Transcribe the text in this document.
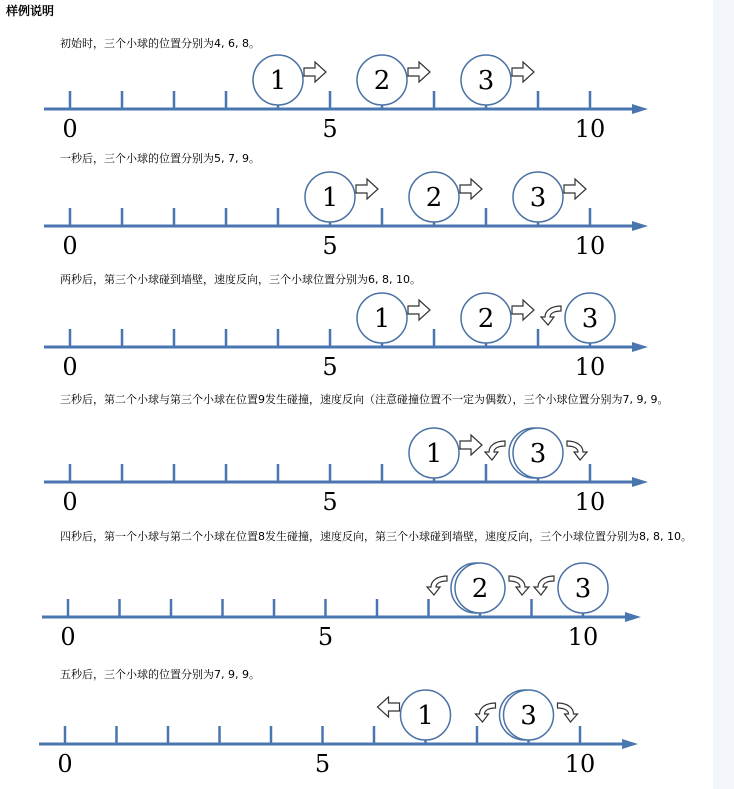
样例说明
初始时，三个小球的位置分别为4, 6, 8。
0	5	10
1	2	3
一秒后，三个小球的位置分别为5, 7, 9。
0	5	10
1	2	3
两秒后，第三个小球碰到墙壁，速度反向，三个小球位置分别为6, 8, 10。
0	5	10
1	2	3
三秒后，第二个小球与第三个小球在位置9发生碰撞，速度反向（注意碰撞位置不一定为偶数），三个小球位置分别为7, 9, 9。
0	5	10
1	3
四秒后，第一个小球与第二个小球在位置8发生碰撞，速度反向，第三个小球碰到墙壁，速度反向，三个小球位置分别为8, 8, 10。
0	5	10
2	3
五秒后，三个小球的位置分别为7, 9, 9。
0	5	10
1	3
